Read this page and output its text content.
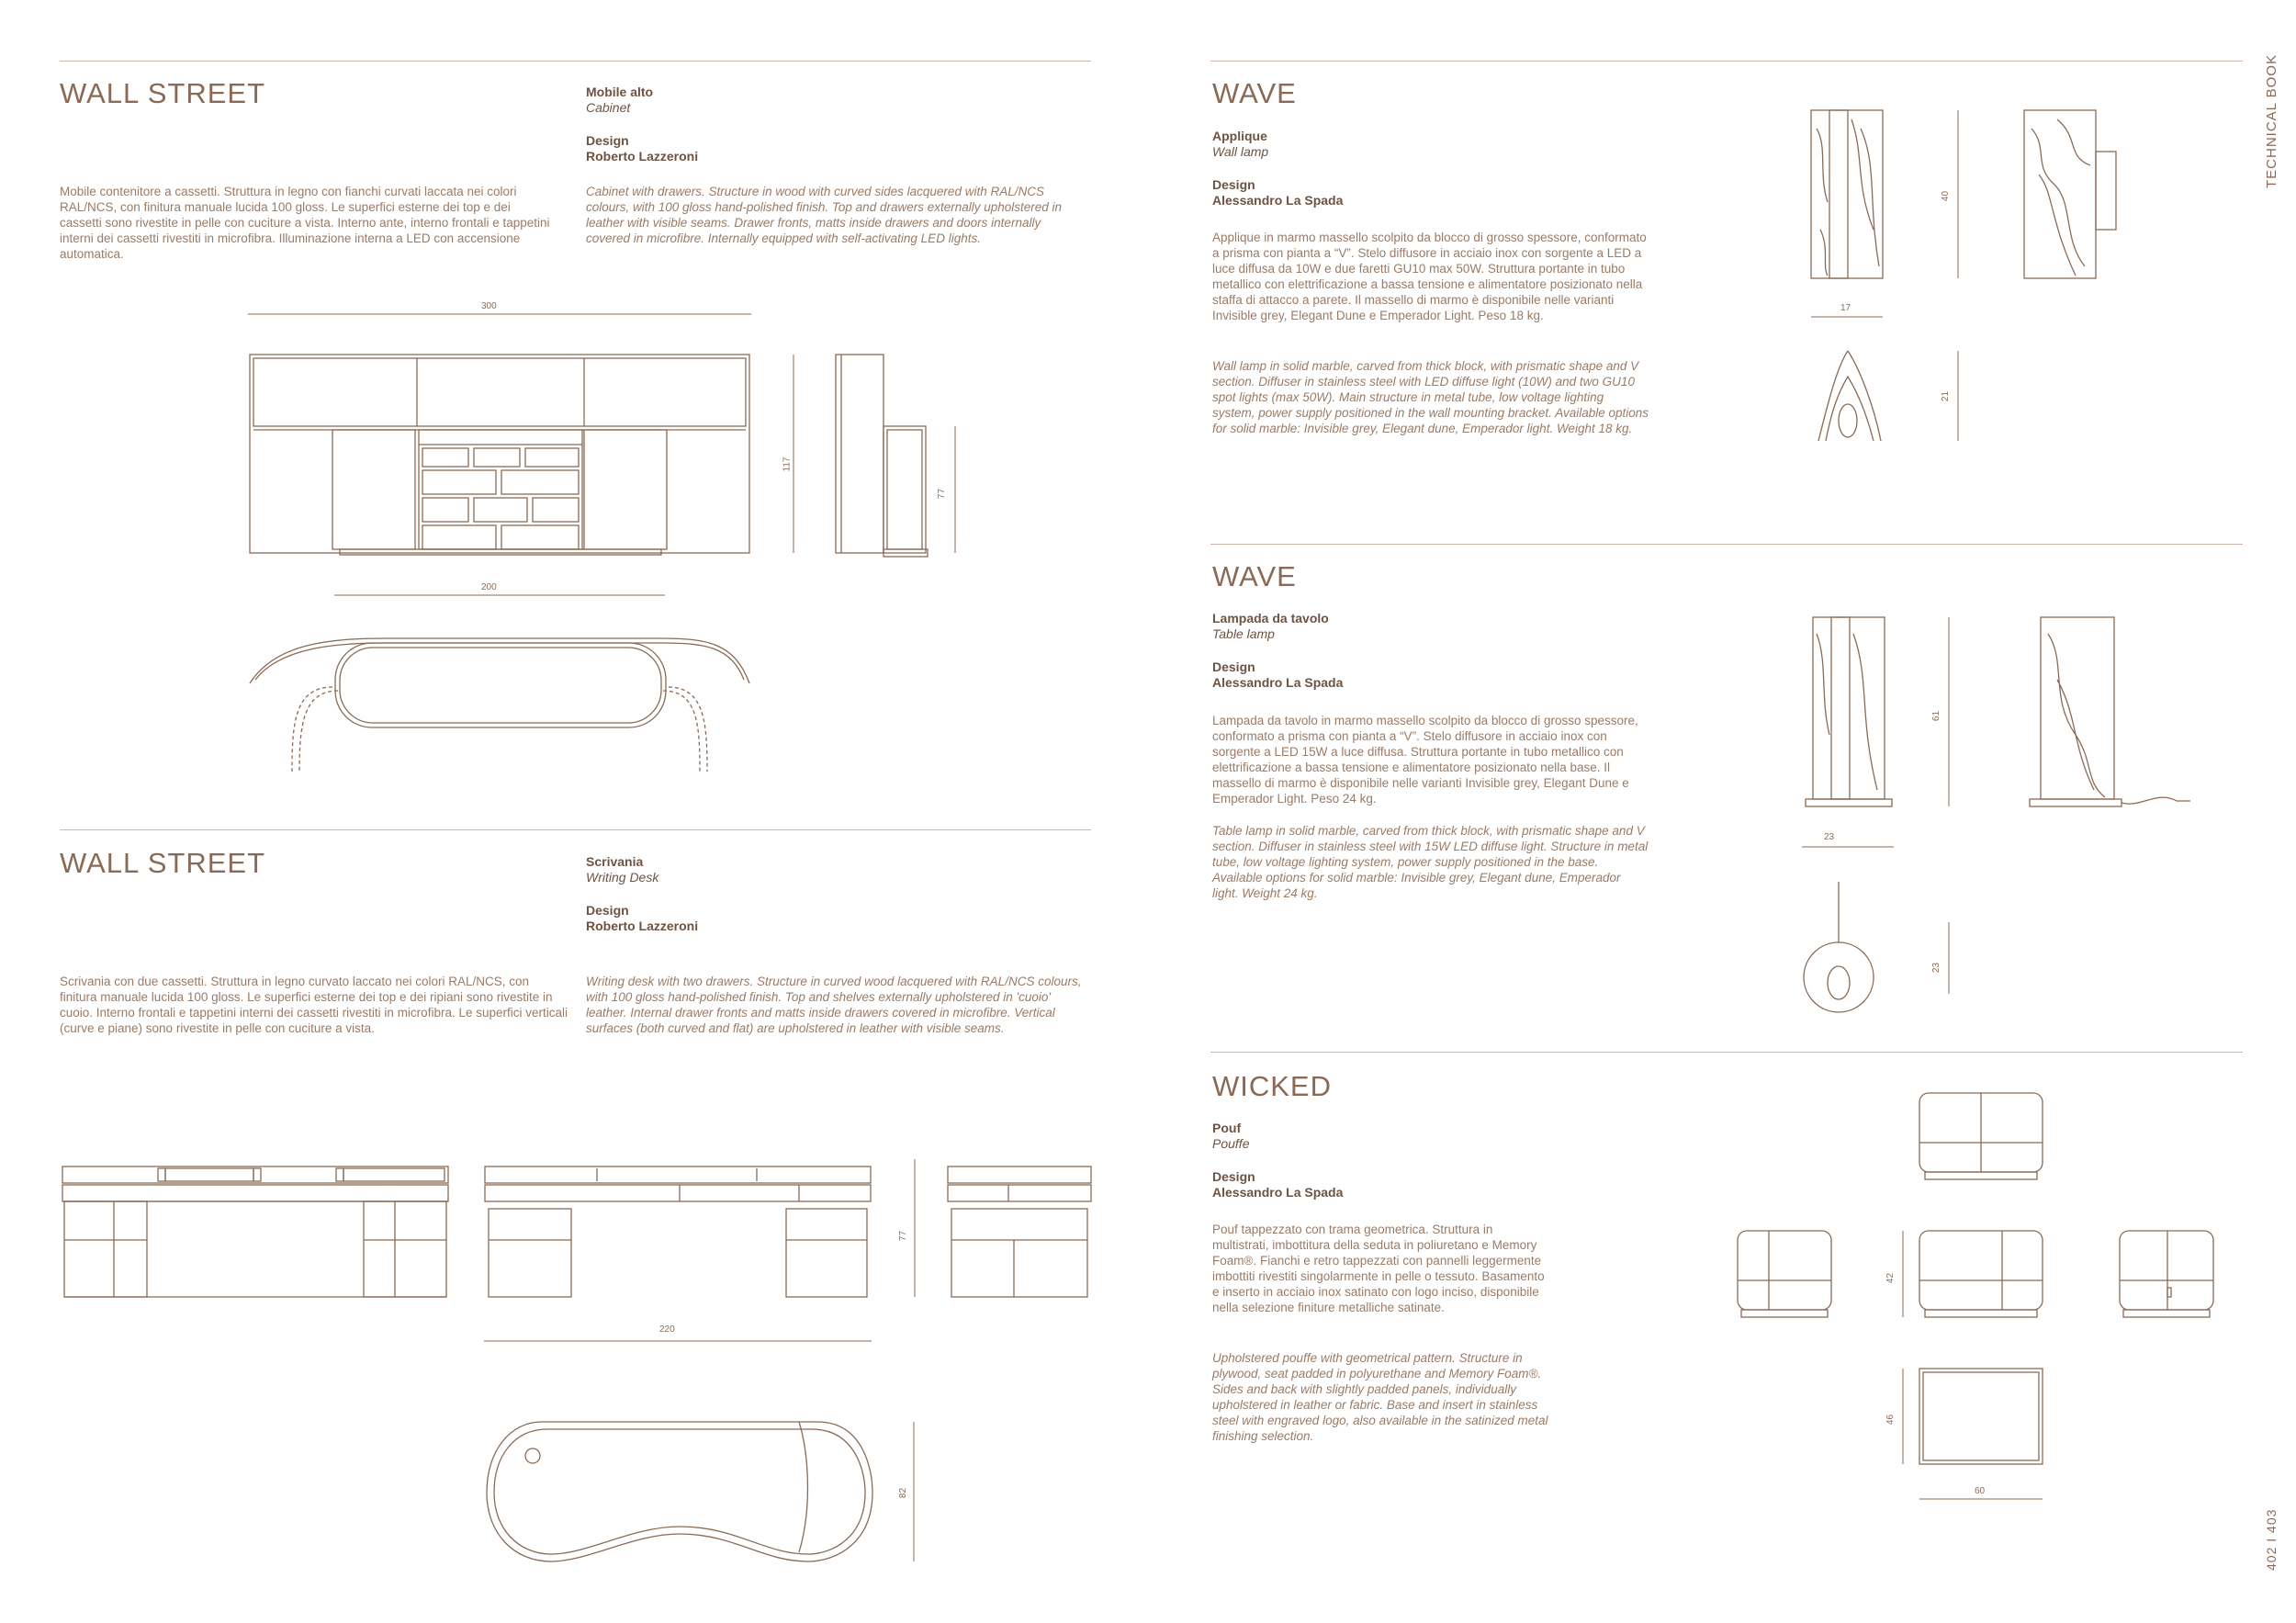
TECHNICAL BOOK
402 I 403
WALL STREET	Mobile alto
Cabinet
Design
Roberto Lazzeroni
Mobile contenitore a cassetti. Struttura in legno con fianchi curvati laccata nei colori RAL/NCS, con finitura manuale lucida 100 gloss. Le superfici esterne dei top e dei cassetti sono rivestite in pelle con cuciture a vista. Interno ante, interno frontali e tappetini interni dei cassetti rivestiti in microfibra. Illuminazione interna a LED con accensione automatica.
Cabinet with drawers. Structure in wood with curved sides lacquered with RAL/NCS colours, with 100 gloss hand-polished finish. Top and drawers externally upholstered in leather with visible seams. Drawer fronts, matts inside drawers and doors internally covered in microfibre. Internally equipped with self-activating LED lights.
WALL STREET	Scrivania
Writing Desk
Design
Roberto Lazzeroni
Scrivania con due cassetti. Struttura in legno curvato laccato nei colori RAL/NCS, con finitura manuale lucida 100 gloss. Le superfici esterne dei top e dei ripiani sono rivestite in cuoio. Interno frontali e tappetini interni dei cassetti rivestiti in microfibra. Le superfici verticali (curve e piane) sono rivestite in pelle con cuciture a vista.
Writing desk with two drawers. Structure in curved wood lacquered with RAL/NCS colours, with 100 gloss hand-polished finish. Top and shelves externally upholstered in 'cuoio' leather. Internal drawer fronts and matts inside drawers covered in microfibre. Vertical surfaces (both curved and flat) are upholstered in leather with visible seams.
WAVE
Applique
Wall lamp
Design
Alessandro La Spada
Applique in marmo massello scolpito da blocco di grosso spessore, conformato a prisma con pianta a “V”. Stelo diffusore in acciaio inox con sorgente a LED a luce diffusa da 10W e due faretti GU10 max 50W. Struttura portante in tubo metallico con elettrificazione a bassa tensione e alimentatore posizionato nella staffa di attacco a parete. Il massello di marmo è disponibile nelle varianti Invisible grey, Elegant Dune e Emperador Light. Peso 18 kg.
Wall lamp in solid marble, carved from thick block, with prismatic shape and V section. Diffuser in stainless steel with LED diffuse light (10W) and two GU10 spot lights (max 50W). Main structure in metal tube, low voltage lighting system, power supply positioned in the wall mounting bracket. Available options for solid marble: Invisible grey, Elegant dune, Emperador light. Weight 18 kg.
WAVE
Lampada da tavolo
Table lamp
Design
Alessandro La Spada
Lampada da tavolo in marmo massello scolpito da blocco di grosso spessore, conformato a prisma con pianta a “V”. Stelo diffusore in acciaio inox con sorgente a LED 15W a luce diffusa. Struttura portante in tubo metallico con elettrificazione a bassa tensione e alimentatore posizionato nella base. Il massello di marmo è disponibile nelle varianti Invisible grey, Elegant Dune e Emperador Light. Peso 24 kg.
Table lamp in solid marble, carved from thick block, with prismatic shape and V section. Diffuser in stainless steel with 15W LED diffuse light. Structure in metal tube, low voltage lighting system, power supply positioned in the base. Available options for solid marble: Invisible grey, Elegant dune, Emperador light. Weight 24 kg.
WICKED
Pouf
Pouffe
Design
Alessandro La Spada
Pouf tappezzato con trama geometrica. Struttura in multistrati, imbottitura della seduta in poliuretano e Memory Foam®. Fianchi e retro tappezzati con pannelli leggermente imbottiti rivestiti singolarmente in pelle o tessuto. Basamento e inserto in acciaio inox satinato con logo inciso, disponibile nella selezione finiture metalliche satinate.
Upholstered pouffe with geometrical pattern. Structure in plywood, seat padded in polyurethane and Memory Foam®. Sides and back with slightly padded panels, individually upholstered in leather or fabric. Base and insert in stainless steel with engraved logo, also available in the satinized metal finishing selection.
300
200
117
77
220
77
82
40
17
21
61
23
23
42
46
60
